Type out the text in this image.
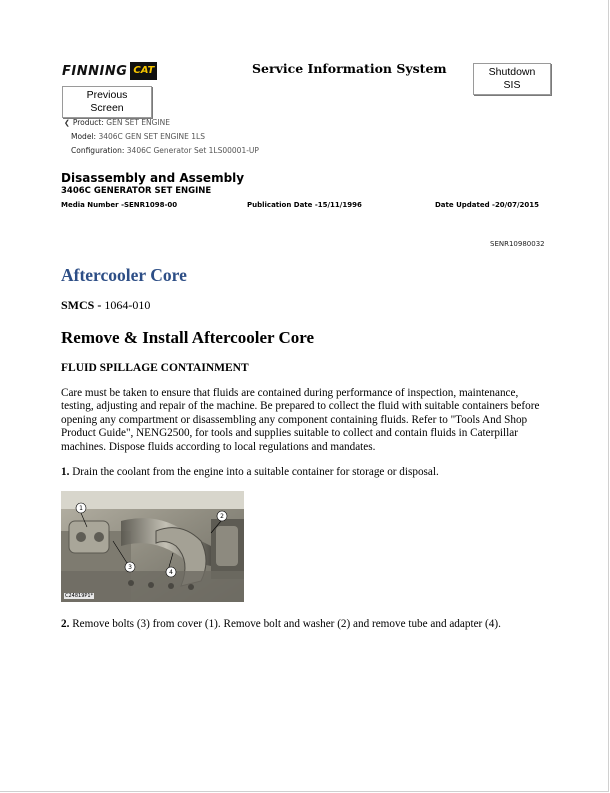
FINNING CAT	Service Information System	Shutdown SIS
Previous Screen
❮ Product: GEN SET ENGINE
Model: 3406C GEN SET ENGINE 1LS
Configuration: 3406C Generator Set 1LS00001-UP
Disassembly and Assembly
3406C GENERATOR SET ENGINE
Media Number -SENR1098-00	Publication Date -15/11/1996	Date Updated -20/07/2015
SENR10980032
Aftercooler Core
SMCS - 1064-010
Remove & Install Aftercooler Core
FLUID SPILLAGE CONTAINMENT
Care must be taken to ensure that fluids are contained during performance of inspection, maintenance, testing, adjusting and repair of the machine. Be prepared to collect the fluid with suitable containers before opening any compartment or disassembling any component containing fluids. Refer to "Tools And Shop Product Guide", NENG2500, for tools and supplies suitable to collect and contain fluids in Caterpillar machines. Dispose fluids according to local regulations and mandates.
1. Drain the coolant from the engine into a suitable container for storage or disposal.
1
2
3
4
C24819P1*
2. Remove bolts (3) from cover (1). Remove bolt and washer (2) and remove tube and adapter (4).
